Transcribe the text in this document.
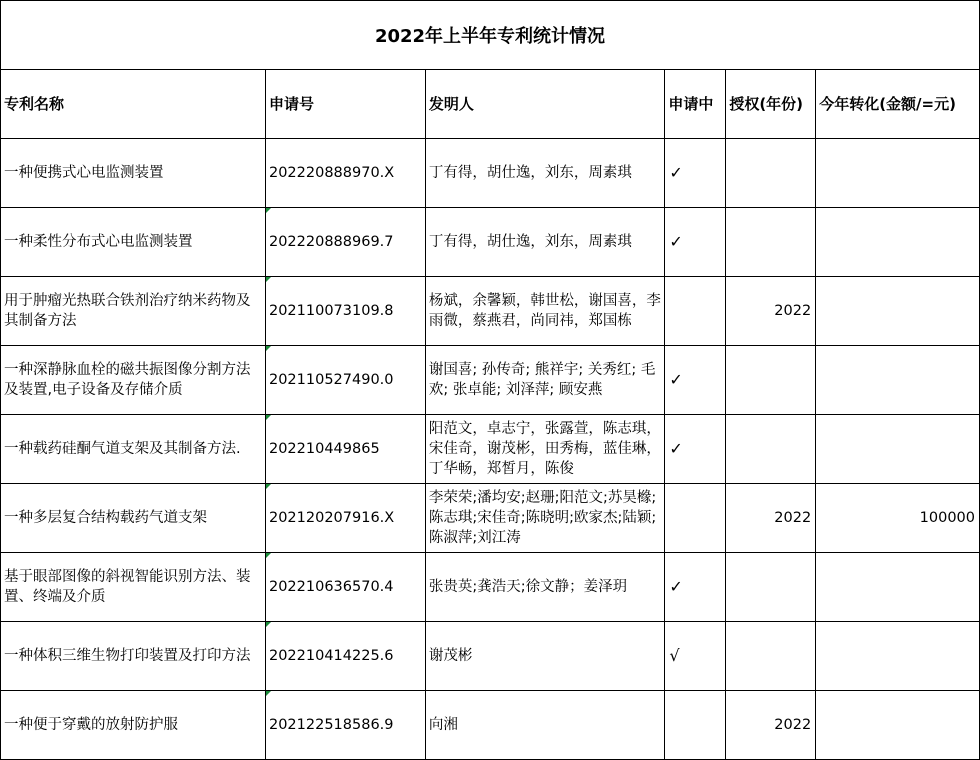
2022年上半年专利统计情况
专利名称	申请号	发明人	申请中	授权(年份)	今年转化(金额/=元)

一种便携式心电监测装置	202220888970.X	丁有得，胡仕逸，刘东，周素琪	✓		

一种柔性分布式心电监测装置	202220888969.7	丁有得，胡仕逸，刘东，周素琪	✓		

用于肿瘤光热联合铁剂治疗纳米药物及其制备方法	202110073109.8	杨斌，余馨颖，韩世松，谢国喜，李雨微，蔡燕君，尚同祎，郑国栋		2022	

一种深静脉血栓的磁共振图像分割方法及装置,电子设备及存储介质	202110527490.0	谢国喜; 孙传奇; 熊祥宇; 关秀红; 毛欢; 张卓能; 刘泽萍; 顾安燕	✓		

一种载药硅酮气道支架及其制备方法.	202210449865	阳范文，卓志宁，张露萱，陈志琪，宋佳奇，谢茂彬，田秀梅，蓝佳琳，丁华畅，郑皙月，陈俊	✓		

一种多层复合结构载药气道支架	202120207916.X	李荣荣;潘均安;赵珊;阳范文;苏昊橼;陈志琪;宋佳奇;陈晓明;欧家杰;陆颖;陈淑萍;刘江涛		2022	100000

基于眼部图像的斜视智能识别方法、装置、终端及介质	202210636570.4	张贵英;龚浩天;徐文静；姜泽玥	✓		

一种体积三维生物打印装置及打印方法	202210414225.6	谢茂彬	√		

一种便于穿戴的放射防护服	202122518586.9	向湘		2022	
